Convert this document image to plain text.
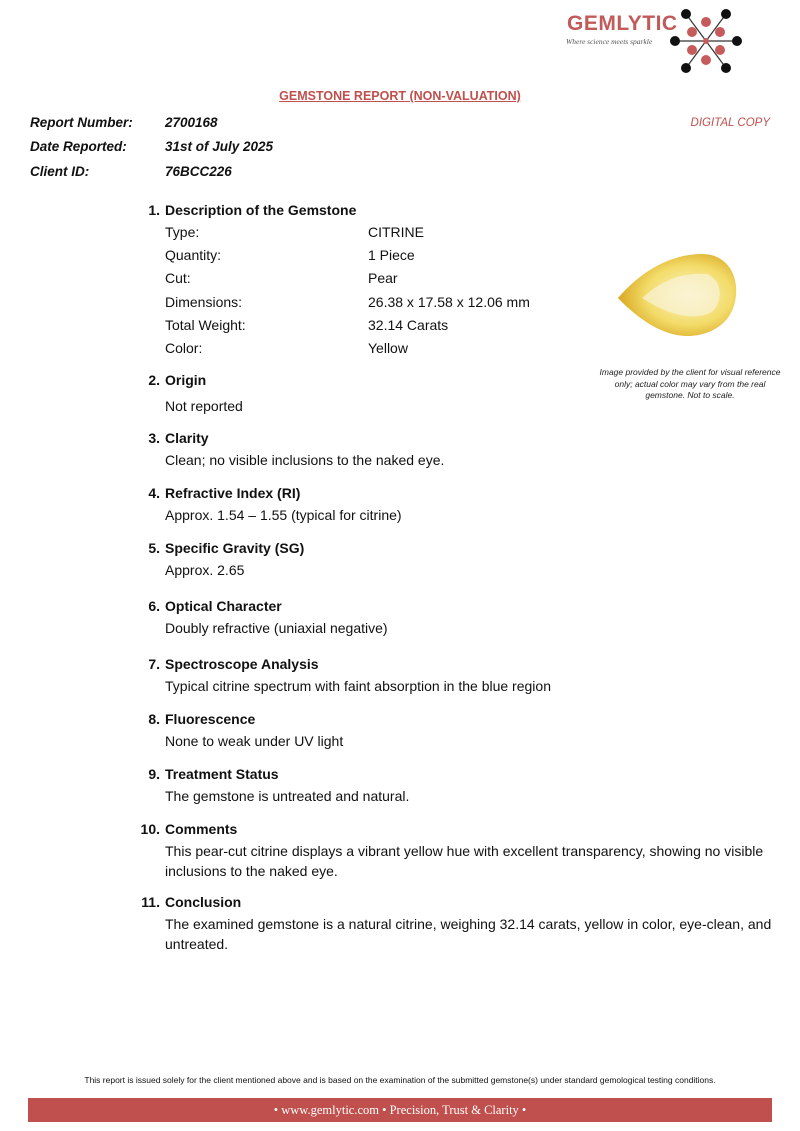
GEMLYTIC
Where science meets sparkle
GEMSTONE REPORT (NON-VALUATION)
DIGITAL COPY
Report Number: 2700168
Date Reported:	31st of July 2025
Client ID:	76BCC226
1. Description of the Gemstone
2. Origin
Not reported
3. Clarity
Clean; no visible inclusions to the naked eye.
4. Refractive Index (RI)
Approx. 1.54 – 1.55 (typical for citrine)
5. Specific Gravity (SG)
Approx. 2.65
6. Optical Character
Doubly refractive (uniaxial negative)
7. Spectroscope Analysis
Typical citrine spectrum with faint absorption in the blue region
8. Fluorescence
None to weak under UV light
9. Treatment Status
The gemstone is untreated and natural.
10. Comments
This pear-cut citrine displays a vibrant yellow hue with excellent transparency, showing no visible inclusions to the naked eye.
11. Conclusion
The examined gemstone is a natural citrine, weighing 32.14 carats, yellow in color, eye-clean, and untreated.
Type:	CITRINE
Quantity:	1 Piece
Cut:	Pear
Dimensions:	26.38 x 17.58 x 12.06 mm
Total Weight:	32.14 Carats
Color:	Yellow
Image provided by the client for visual reference only; actual color may vary from the real gemstone. Not to scale.
This report is issued solely for the client mentioned above and is based on the examination of the submitted gemstone(s) under standard gemological testing conditions.
• www.gemlytic.com • Precision, Trust & Clarity •
